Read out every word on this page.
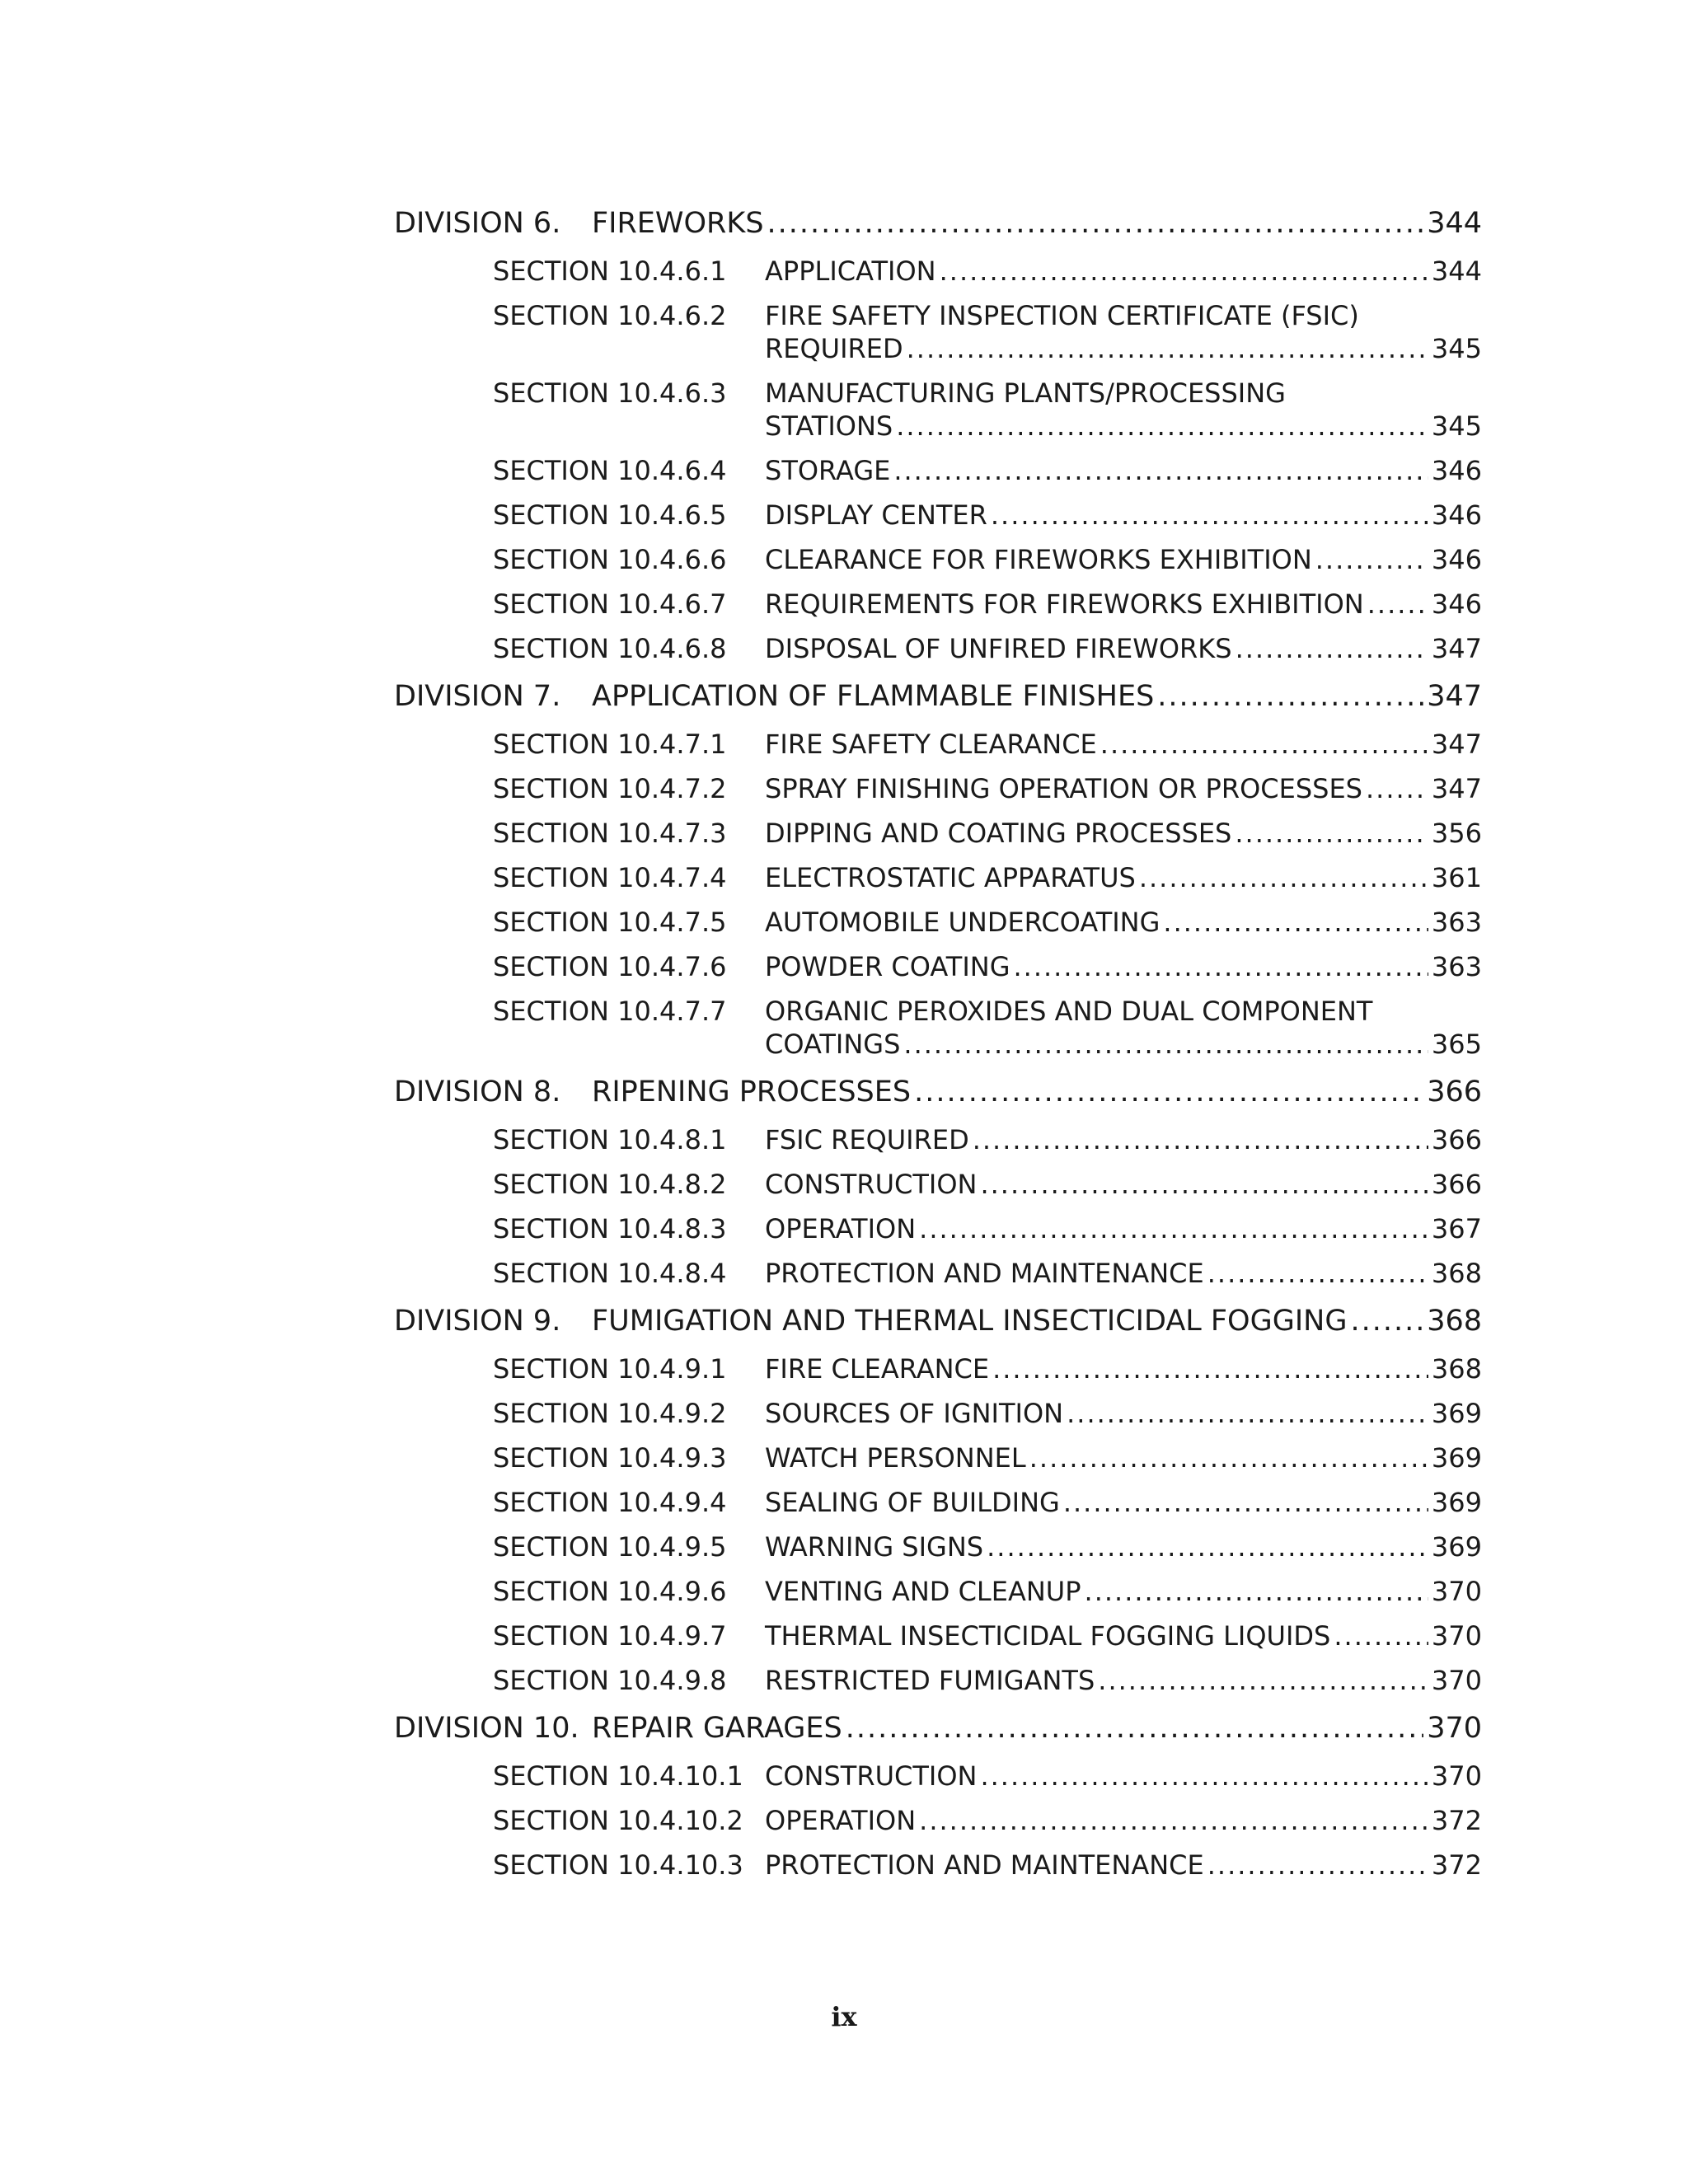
DIVISION 6.	FIREWORKS .....	344
SECTION 10.4.6.1	APPLICATION .....	344
SECTION 10.4.6.2	FIRE SAFETY INSPECTION CERTIFICATE (FSIC)
REQUIRED .....	345
SECTION 10.4.6.3	MANUFACTURING PLANTS/PROCESSING
STATIONS .....	345
SECTION 10.4.6.4	STORAGE .....	346
SECTION 10.4.6.5	DISPLAY CENTER .....	346
SECTION 10.4.6.6	CLEARANCE FOR FIREWORKS EXHIBITION .....	346
SECTION 10.4.6.7	REQUIREMENTS FOR FIREWORKS EXHIBITION .....	346
SECTION 10.4.6.8	DISPOSAL OF UNFIRED FIREWORKS .....	347
DIVISION 7.	APPLICATION OF FLAMMABLE FINISHES .....	347
SECTION 10.4.7.1	FIRE SAFETY CLEARANCE .....	347
SECTION 10.4.7.2	SPRAY FINISHING OPERATION OR PROCESSES .....	347
SECTION 10.4.7.3	DIPPING AND COATING PROCESSES .....	356
SECTION 10.4.7.4	ELECTROSTATIC APPARATUS .....	361
SECTION 10.4.7.5	AUTOMOBILE UNDERCOATING .....	363
SECTION 10.4.7.6	POWDER COATING .....	363
SECTION 10.4.7.7	ORGANIC PEROXIDES AND DUAL COMPONENT
COATINGS .....	365
DIVISION 8.	RIPENING PROCESSES .....	366
SECTION 10.4.8.1	FSIC REQUIRED .....	366
SECTION 10.4.8.2	CONSTRUCTION .....	366
SECTION 10.4.8.3	OPERATION .....	367
SECTION 10.4.8.4	PROTECTION AND MAINTENANCE .....	368
DIVISION 9.	FUMIGATION AND THERMAL INSECTICIDAL FOGGING .....	368
SECTION 10.4.9.1	FIRE CLEARANCE .....	368
SECTION 10.4.9.2	SOURCES OF IGNITION .....	369
SECTION 10.4.9.3	WATCH PERSONNEL .....	369
SECTION 10.4.9.4	SEALING OF BUILDING .....	369
SECTION 10.4.9.5	WARNING SIGNS .....	369
SECTION 10.4.9.6	VENTING AND CLEANUP .....	370
SECTION 10.4.9.7	THERMAL INSECTICIDAL FOGGING LIQUIDS .....	370
SECTION 10.4.9.8	RESTRICTED FUMIGANTS .....	370
DIVISION 10. REPAIR GARAGES .....	370
SECTION 10.4.10.1 CONSTRUCTION .....	370
SECTION 10.4.10.2 OPERATION .....	372
SECTION 10.4.10.3 PROTECTION AND MAINTENANCE .....	372
ix
